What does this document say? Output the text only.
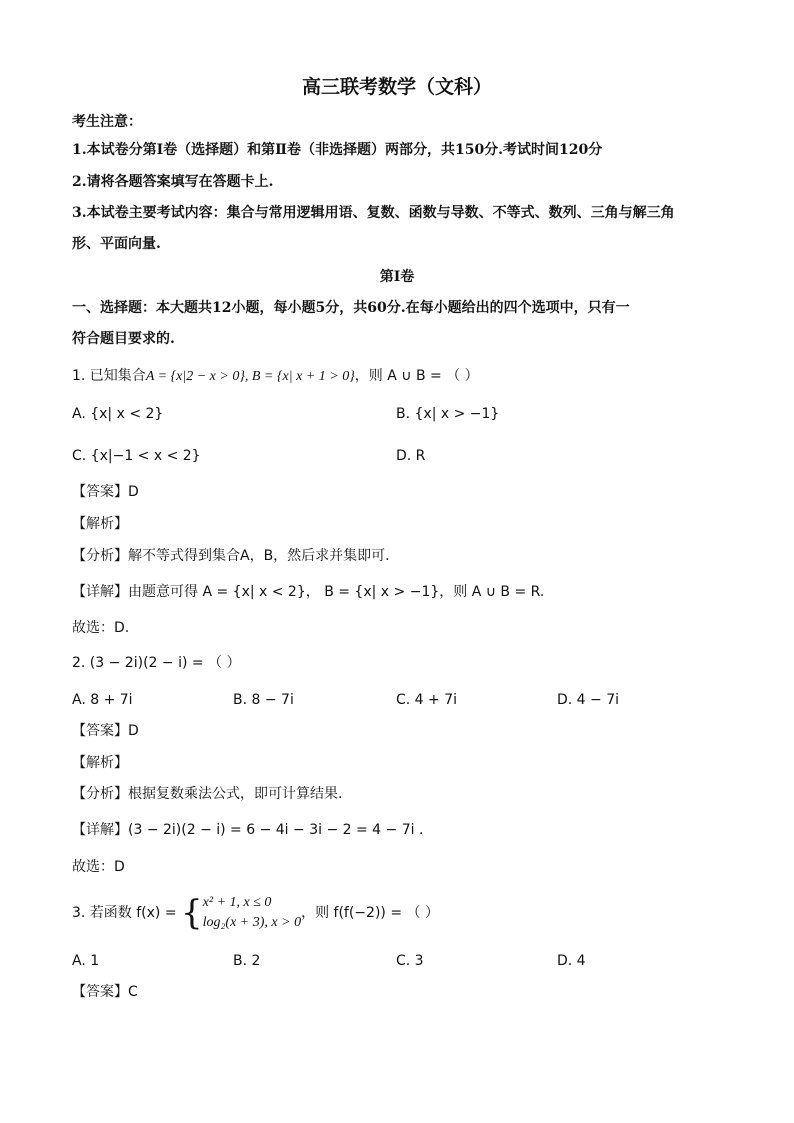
高三联考数学（文科）
考生注意：
1.本试卷分第Ⅰ卷（选择题）和第Ⅱ卷（非选择题）两部分，共150分.考试时间120分
2.请将各题答案填写在答题卡上.
3.本试卷主要考试内容：集合与常用逻辑用语、复数、函数与导数、不等式、数列、三角与解三角
形、平面向量.
第Ⅰ卷
一、选择题：本大题共12小题，每小题5分，共60分.在每小题给出的四个选项中，只有一
符合题目要求的.
1. 已知集合A = {x|2 − x > 0}, B = {x| x + 1 > 0}，则 A ∪ B = （ ）
A. {x| x < 2}	B. {x| x > −1}
C. {x|−1 < x < 2}	D. R
【答案】D
【解析】
【分析】解不等式得到集合A，B，然后求并集即可.
【详解】由题意可得 A = {x| x < 2}， B = {x| x > −1}，则 A ∪ B = R.
故选：D.
2. (3 − 2i)(2 − i) = （ ）
A. 8 + 7i	B. 8 − 7i	C. 4 + 7i	D. 4 − 7i
【答案】D
【解析】
【分析】根据复数乘法公式，即可计算结果.
【详解】(3 − 2i)(2 − i) = 6 − 4i − 3i − 2 = 4 − 7i .
故选：D
3. 若函数 f(x) = {x² + 1, x ≤ 0
log₂(x + 3), x > 0，则 f(f(−2)) = （ ）
A. 1	B. 2	C. 3	D. 4
【答案】C
